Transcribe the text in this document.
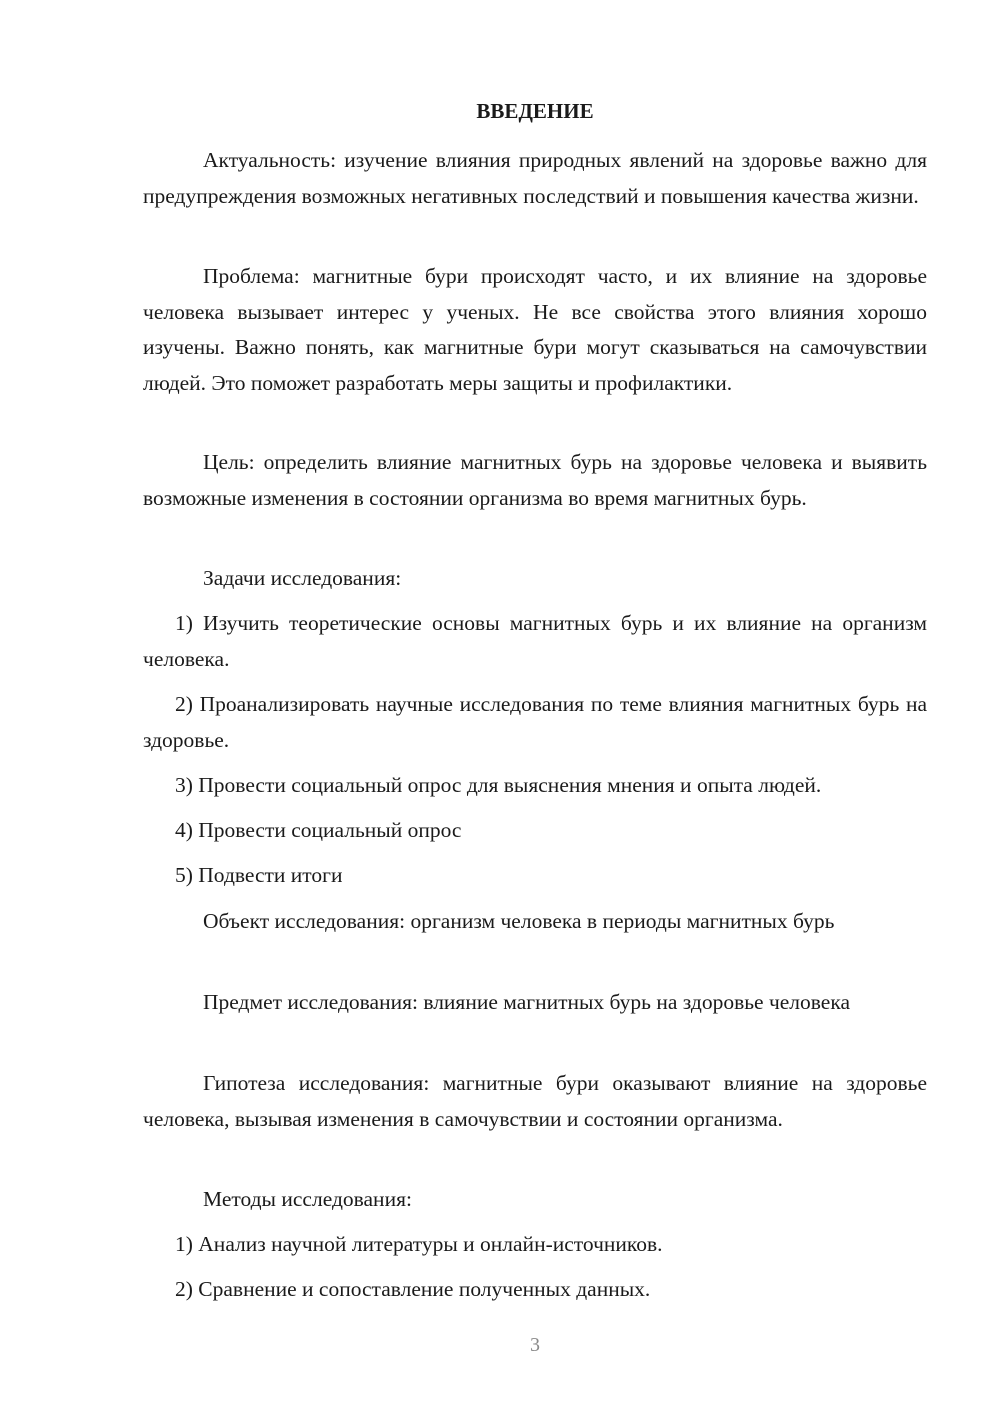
ВВЕДЕНИЕ

Актуальность: изучение влияния природных явлений на здоровье важно для предупреждения возможных негативных последствий и повышения качества жизни.

Проблема: магнитные бури происходят часто, и их влияние на здоровье человека вызывает интерес у ученых. Не все свойства этого влияния хорошо изучены. Важно понять, как магнитные бури могут сказываться на самочувствии людей. Это поможет разработать меры защиты и профилактики.

Цель: определить влияние магнитных бурь на здоровье человека и выявить возможные изменения в состоянии организма во время магнитных бурь.

Задачи исследования:

1) Изучить теоретические основы магнитных бурь и их влияние на организм человека.

2) Проанализировать научные исследования по теме влияния магнитных бурь на здоровье.

3) Провести социальный опрос для выяснения мнения и опыта людей.

4) Провести социальный опрос

5) Подвести итоги

Объект исследования: организм человека в периоды магнитных бурь

Предмет исследования: влияние магнитных бурь на здоровье человека

Гипотеза исследования: магнитные бури оказывают влияние на здоровье человека, вызывая изменения в самочувствии и состоянии организма.

Методы исследования:

1) Анализ научной литературы и онлайн-источников.

2) Сравнение и сопоставление полученных данных.

3
